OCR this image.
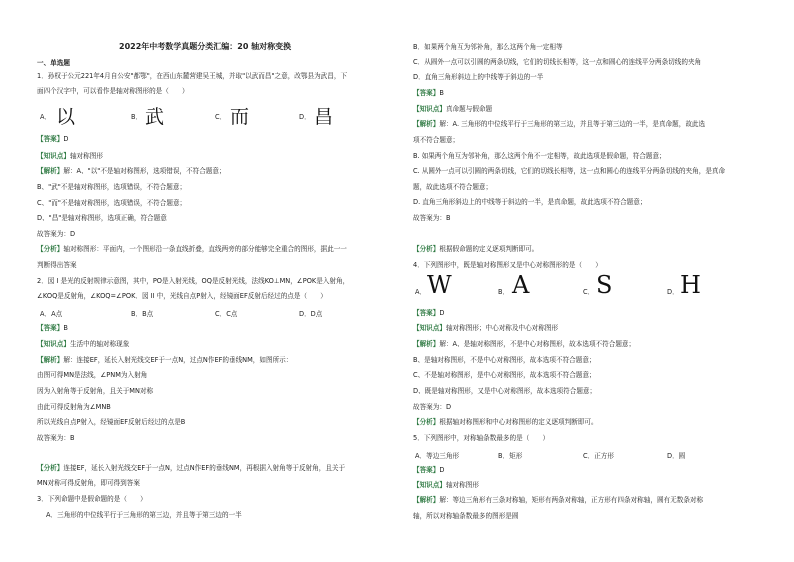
2022年中考数学真题分类汇编：20 轴对称变换
一、单选题
1．孙权于公元221年4月自公安"都鄂"，在西山东麓营建吴王城，并取"以武而昌"之意，改鄂县为武昌，下
面四个汉字中，可以看作是轴对称图形的是（　　）
A． 以	B． 武	C． 而	D． 昌
【答案】D
【知识点】轴对称图形
【解析】解：A、"以"不是轴对称图形，选项错误，不符合题意；
B、"武"不是轴对称图形，选项错误，不符合题意；
C、"而"不是轴对称图形，选项错误，不符合题意；
D、"昌"是轴对称图形，选项正确，符合题意
故答案为：D
【分析】轴对称图形：平面内，一个图形沿一条直线折叠，直线两旁的部分能够完全重合的图形，据此一一
判断得出答案
2．図 I 是光的反射规律示意图，其中，PO是入射光线，OQ是反射光线，法线KO⊥MN，∠POK是入射角，
∠KOQ是反射角，∠KOQ=∠POK．図 II 中，光线自点P射入，经镜面EF反射后经过的点是（　　）
A．A点	B．B点	C．C点	D．D点
【答案】B
【知识点】生活中的轴对称现象
【解析】解：连接EF，延长入射光线交EF于一点N，过点N作EF的垂线NM，如图所示：
由图可得MN是法线，∠PNM为入射角
因为入射角等于反射角，且关于MN对称
由此可得反射角为∠MNB
所以光线自点P射入，经镜面EF反射后经过的点是B
故答案为：B
【分析】连接EF，延长入射光线交EF于一点N，过点N作EF的垂线NM，再根据入射角等于反射角，且关于
MN对称可得反射角，即可得到答案
3．下列命题中是假命题的是（　　）
A．三角形的中位线平行于三角形的第三边，并且等于第三边的一半
B．如果两个角互为邻补角，那么这两个角一定相等
C．从圆外一点可以引圆的两条切线，它们的切线长相等，这一点和圆心的连线平分两条切线的夹角
D．直角三角形斜边上的中线等于斜边的一半
【答案】B
【知识点】真命题与假命题
【解析】解：A. 三角形的中位线平行于三角形的第三边，并且等于第三边的一半，是真命题，故此选
项不符合题意；
B. 如果两个角互为邻补角，那么这两个角不一定相等，故此选项是假命题，符合题意；
C. 从圆外一点可以引圆的两条切线，它们的切线长相等，这一点和圆心的连线平分两条切线的夹角，是真命
题，故此选项不符合题意；
D. 直角三角形斜边上的中线等于斜边的一半，是真命题，故此选项不符合题意；
故答案为：B
【分析】根据假命题的定义逐项判断即可。
4．下列图形中，既是轴对称图形又是中心对称图形的是（　　）
A． W	B． A	C． S	D． H
【答案】D
【知识点】轴对称图形；中心对称及中心对称图形
【解析】解：A、是轴对称图形，不是中心对称图形，故本选项不符合题意；
B、是轴对称图形，不是中心对称图形，故本选项不符合题意；
C、不是轴对称图形，是中心对称图形，故本选项不符合题意；
D、既是轴对称图形，又是中心对称图形，故本选项符合题意；
故答案为：D
【分析】根据轴对称图形和中心对称图形的定义逐项判断即可。
5．下列图形中，对称轴条数最多的是（　　）
A．等边三角形	B．矩形	C．正方形	D．圆
【答案】D
【知识点】轴对称图形
【解析】解：等边三角形有三条对称轴，矩形有两条对称轴，正方形有四条对称轴，圆有无数条对称
轴，所以对称轴条数最多的图形是圆
